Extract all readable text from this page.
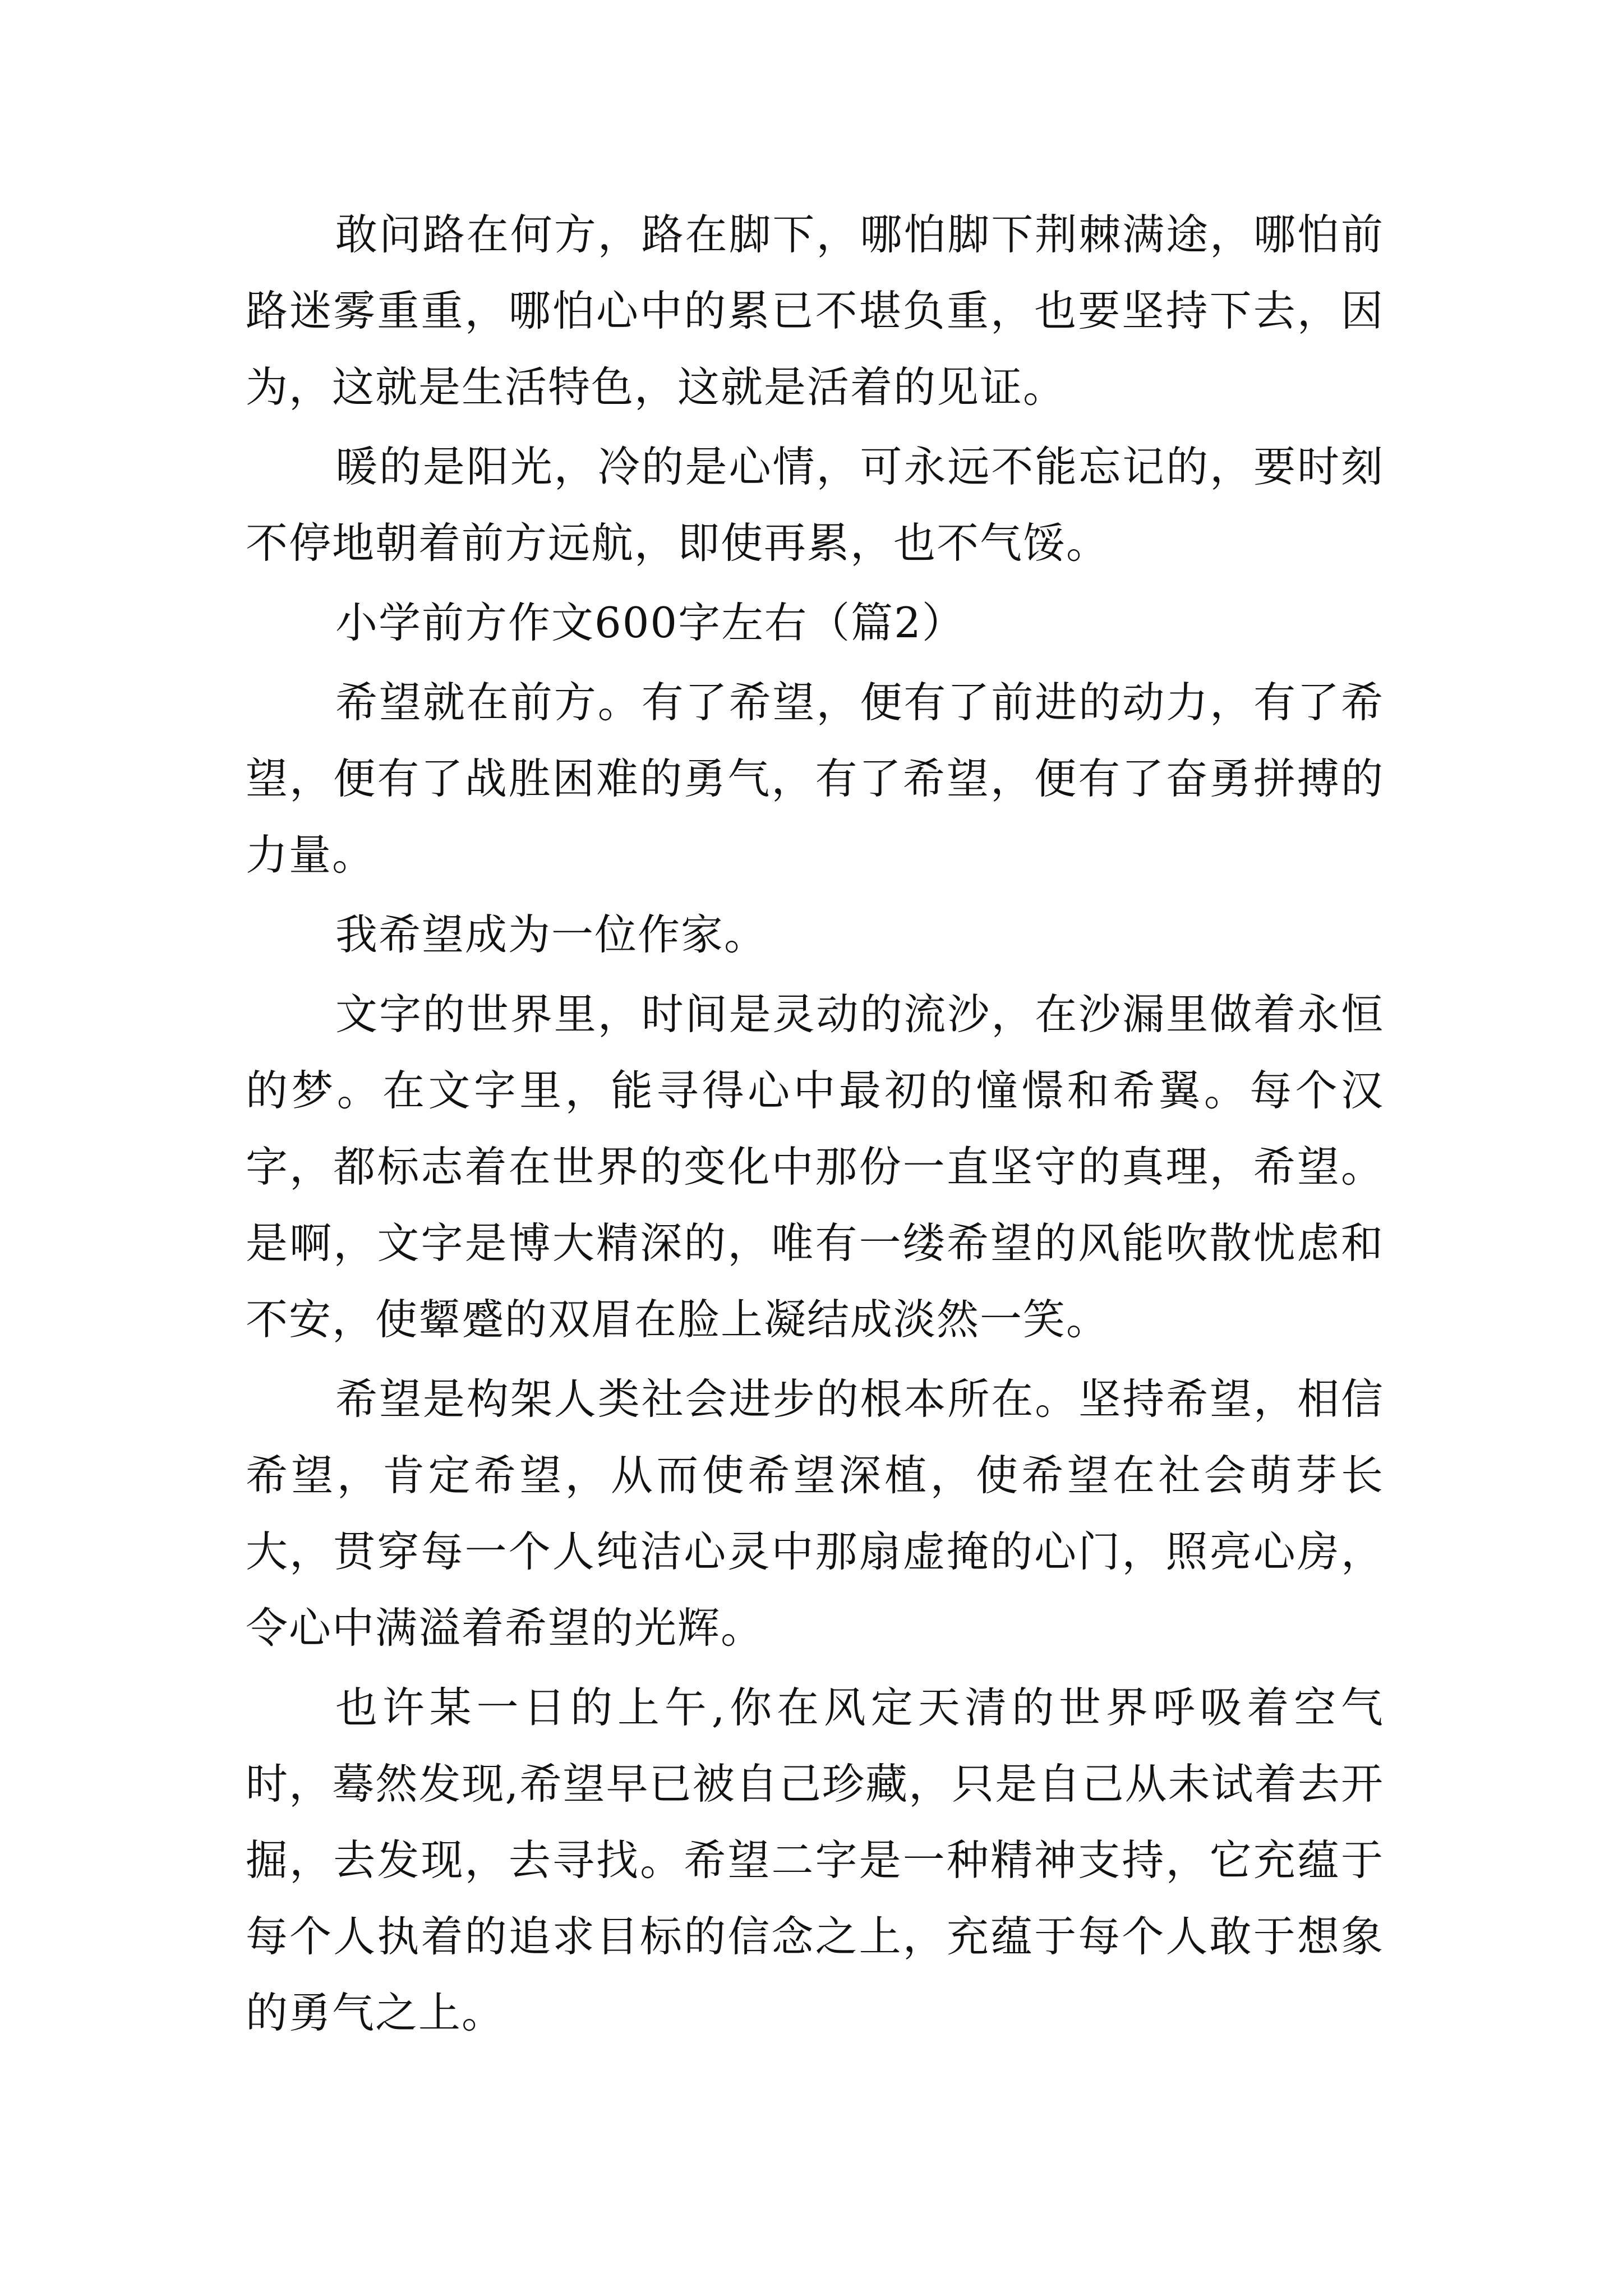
敢问路在何方，路在脚下，哪怕脚下荆棘满途，哪怕前路迷雾重重，哪怕心中的累已不堪负重，也要坚持下去，因为，这就是生活特色，这就是活着的见证。

暖的是阳光，冷的是心情，可永远不能忘记的，要时刻不停地朝着前方远航，即使再累，也不气馁。

小学前方作文600字左右（篇2）

希望就在前方。有了希望，便有了前进的动力，有了希望，便有了战胜困难的勇气，有了希望，便有了奋勇拼搏的力量。

我希望成为一位作家。

文字的世界里，时间是灵动的流沙，在沙漏里做着永恒的梦。在文字里，能寻得心中最初的憧憬和希翼。每个汉字，都标志着在世界的变化中那份一直坚守的真理，希望。是啊，文字是博大精深的，唯有一缕希望的风能吹散忧虑和不安，使颦蹙的双眉在脸上凝结成淡然一笑。

希望是构架人类社会进步的根本所在。坚持希望，相信希望，肯定希望，从而使希望深植，使希望在社会萌芽长大，贯穿每一个人纯洁心灵中那扇虚掩的心门，照亮心房，令心中满溢着希望的光辉。

也许某一日的上午,你在风定天清的世界呼吸着空气时，蓦然发现,希望早已被自己珍藏，只是自己从未试着去开掘，去发现，去寻找。希望二字是一种精神支持，它充蕴于每个人执着的追求目标的信念之上，充蕴于每个人敢于想象的勇气之上。
